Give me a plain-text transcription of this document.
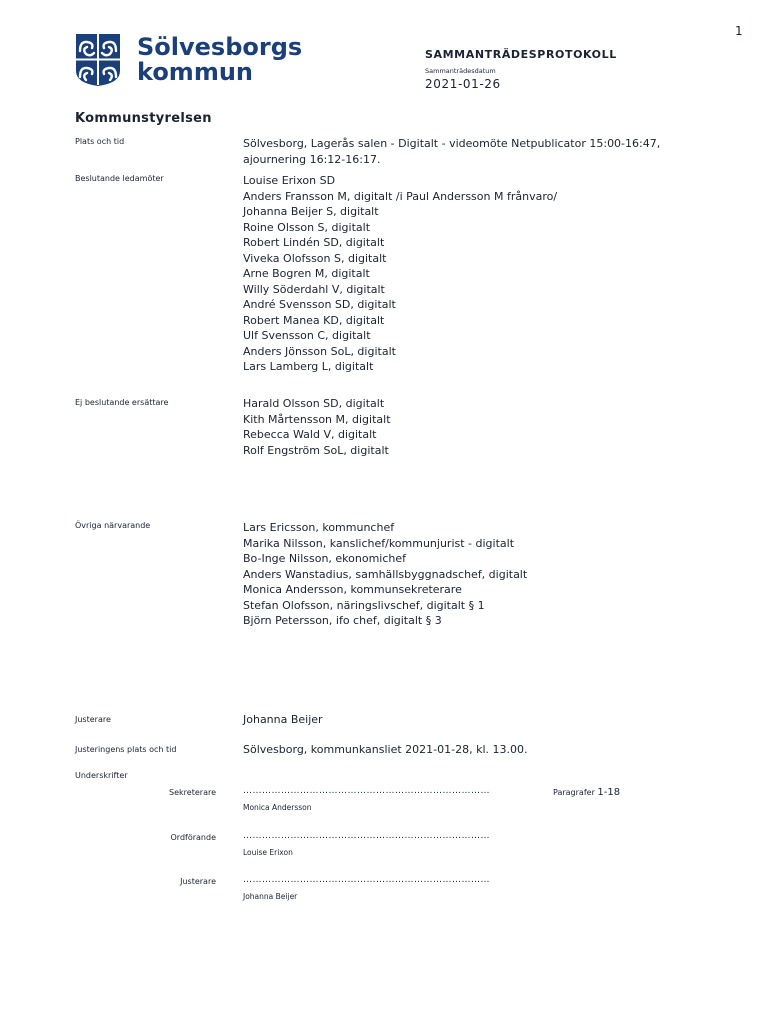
1
Sölvesborgs
kommun
SAMMANTRÄDESPROTOKOLL
Sammanträdesdatum
2021-01-26
Kommunstyrelsen
Plats och tid	Sölvesborg, Lagerås salen - Digitalt - videomöte Netpublicator 15:00-16:47,
ajournering 16:12-16:17.
Beslutande ledamöter	Louise Erixon SD
Anders Fransson M, digitalt /i Paul Andersson M frånvaro/
Johanna Beijer S, digitalt
Roine Olsson S, digitalt
Robert Lindén SD, digitalt
Viveka Olofsson S, digitalt
Arne Bogren M, digitalt
Willy Söderdahl V, digitalt
André Svensson SD, digitalt
Robert Manea KD, digitalt
Ulf Svensson C, digitalt
Anders Jönsson SoL, digitalt
Lars Lamberg L, digitalt
Ej beslutande ersättare	Harald Olsson SD, digitalt
Kith Mårtensson M, digitalt
Rebecca Wald V, digitalt
Rolf Engström SoL, digitalt
Övriga närvarande	Lars Ericsson, kommunchef
Marika Nilsson, kanslichef/kommunjurist - digitalt
Bo-Inge Nilsson, ekonomichef
Anders Wanstadius, samhällsbyggnadschef, digitalt
Monica Andersson, kommunsekreterare
Stefan Olofsson, näringslivschef, digitalt § 1
Björn Petersson, ifo chef, digitalt § 3
Justerare	Johanna Beijer
Justeringens plats och tid	Sölvesborg, kommunkansliet 2021-01-28, kl. 13.00.
Underskrifter
Sekreterare	……………………………………………………………………	Paragrafer 1-18
Monica Andersson
Ordförande	……………………………………………………………………
Louise Erixon
Justerare	……………………………………………………………………
Johanna Beijer
